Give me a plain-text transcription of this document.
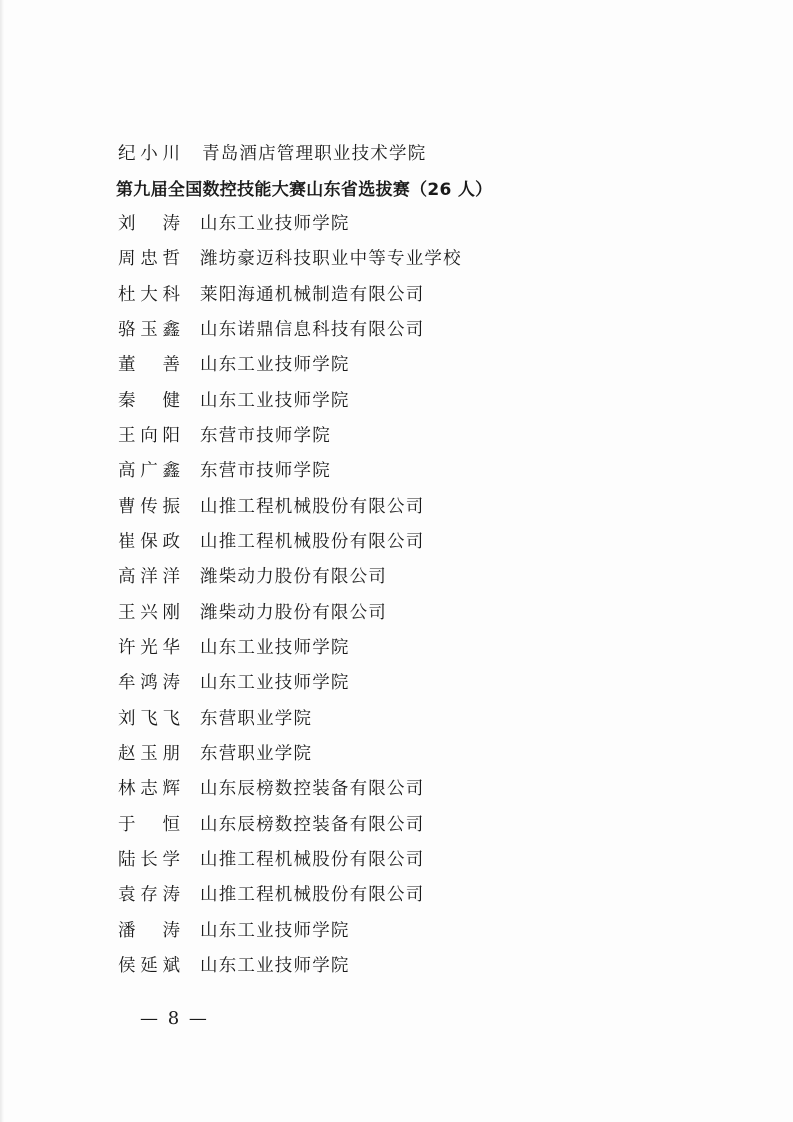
纪小川 青岛酒店管理职业技术学院
第九届全国数控技能大赛山东省选拔赛（26 人）
刘　涛 山东工业技师学院
周忠哲 潍坊豪迈科技职业中等专业学校
杜大科 莱阳海通机械制造有限公司
骆玉鑫 山东诺鼎信息科技有限公司
董　善 山东工业技师学院
秦　健 山东工业技师学院
王向阳 东营市技师学院
高广鑫 东营市技师学院
曹传振 山推工程机械股份有限公司
崔保政 山推工程机械股份有限公司
高洋洋 潍柴动力股份有限公司
王兴刚 潍柴动力股份有限公司
许光华 山东工业技师学院
牟鸿涛 山东工业技师学院
刘飞飞 东营职业学院
赵玉朋 东营职业学院
林志辉 山东辰榜数控装备有限公司
于　恒 山东辰榜数控装备有限公司
陆长学 山推工程机械股份有限公司
袁存涛 山推工程机械股份有限公司
潘　涛 山东工业技师学院
侯延斌 山东工业技师学院
— 8 —
